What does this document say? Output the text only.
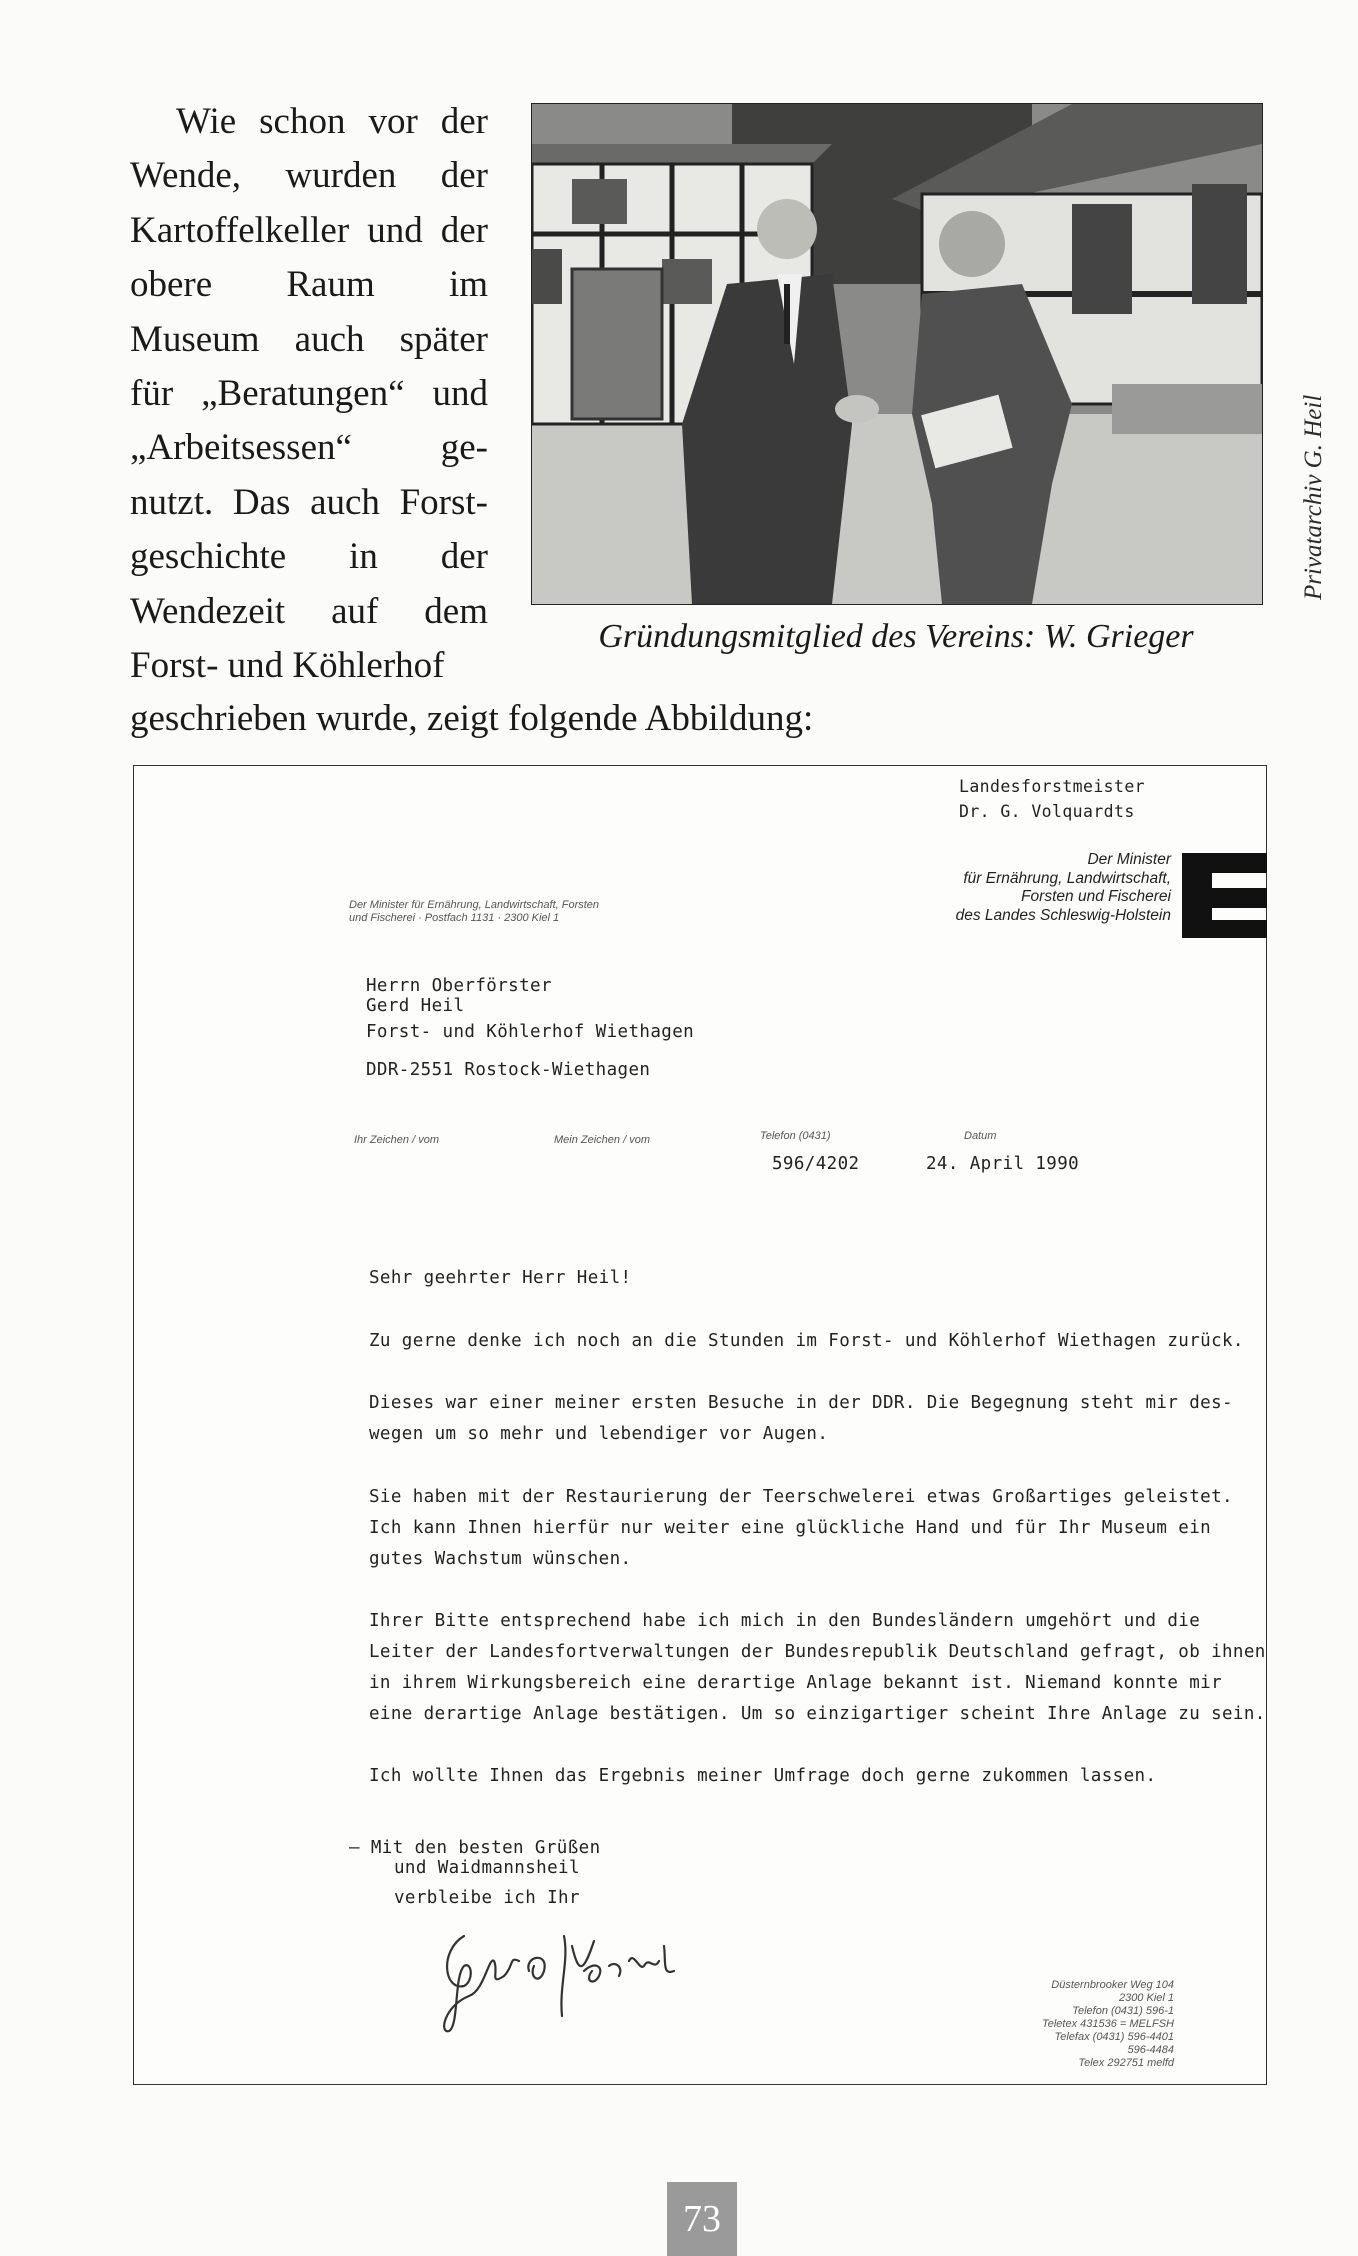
Wie schon vor der Wende, wurden der Kartoffelkeller und der obere Raum im Museum auch später für „Beratungen“ und „Arbeitsessen“ ge- nutzt. Das auch Forst- geschichte in der Wendezeit auf dem Forst- und Köhlerhof
geschrieben wurde, zeigt folgende Abbildung:
Privatarchiv G. Heil
Gründungsmitglied des Vereins: W. Grieger
Landesforstmeister
Dr. G. Volquardts
Der Minister
für Ernährung, Landwirtschaft,
Forsten und Fischerei
des Landes Schleswig-Holstein
Der Minister für Ernährung, Landwirtschaft, Forsten
und Fischerei · Postfach 1131 · 2300 Kiel 1
Herrn Oberförster
Gerd Heil
Forst- und Köhlerhof Wiethagen
DDR-2551 Rostock-Wiethagen
Ihr Zeichen / vom	Mein Zeichen / vom	Telefon (0431)	Datum
596/4202	24. April 1990
Sehr geehrter Herr Heil!
Zu gerne denke ich noch an die Stunden im Forst- und Köhlerhof Wiethagen zurück.
Dieses war einer meiner ersten Besuche in der DDR. Die Begegnung steht mir des-
wegen um so mehr und lebendiger vor Augen.
Sie haben mit der Restaurierung der Teerschwelerei etwas Großartiges geleistet.
Ich kann Ihnen hierfür nur weiter eine glückliche Hand und für Ihr Museum ein
gutes Wachstum wünschen.
Ihrer Bitte entsprechend habe ich mich in den Bundesländern umgehört und die
Leiter der Landesfortverwaltungen der Bundesrepublik Deutschland gefragt, ob ihnen
in ihrem Wirkungsbereich eine derartige Anlage bekannt ist. Niemand konnte mir
eine derartige Anlage bestätigen. Um so einzigartiger scheint Ihre Anlage zu sein.
Ich wollte Ihnen das Ergebnis meiner Umfrage doch gerne zukommen lassen.
– Mit den besten Grüßen
und Waidmannsheil
verbleibe ich Ihr
Düsternbrooker Weg 104
2300 Kiel 1
Telefon (0431) 596-1
Teletex 431536 = MELFSH
Telefax (0431) 596-4401
596-4484
Telex 292751 melfd
73
